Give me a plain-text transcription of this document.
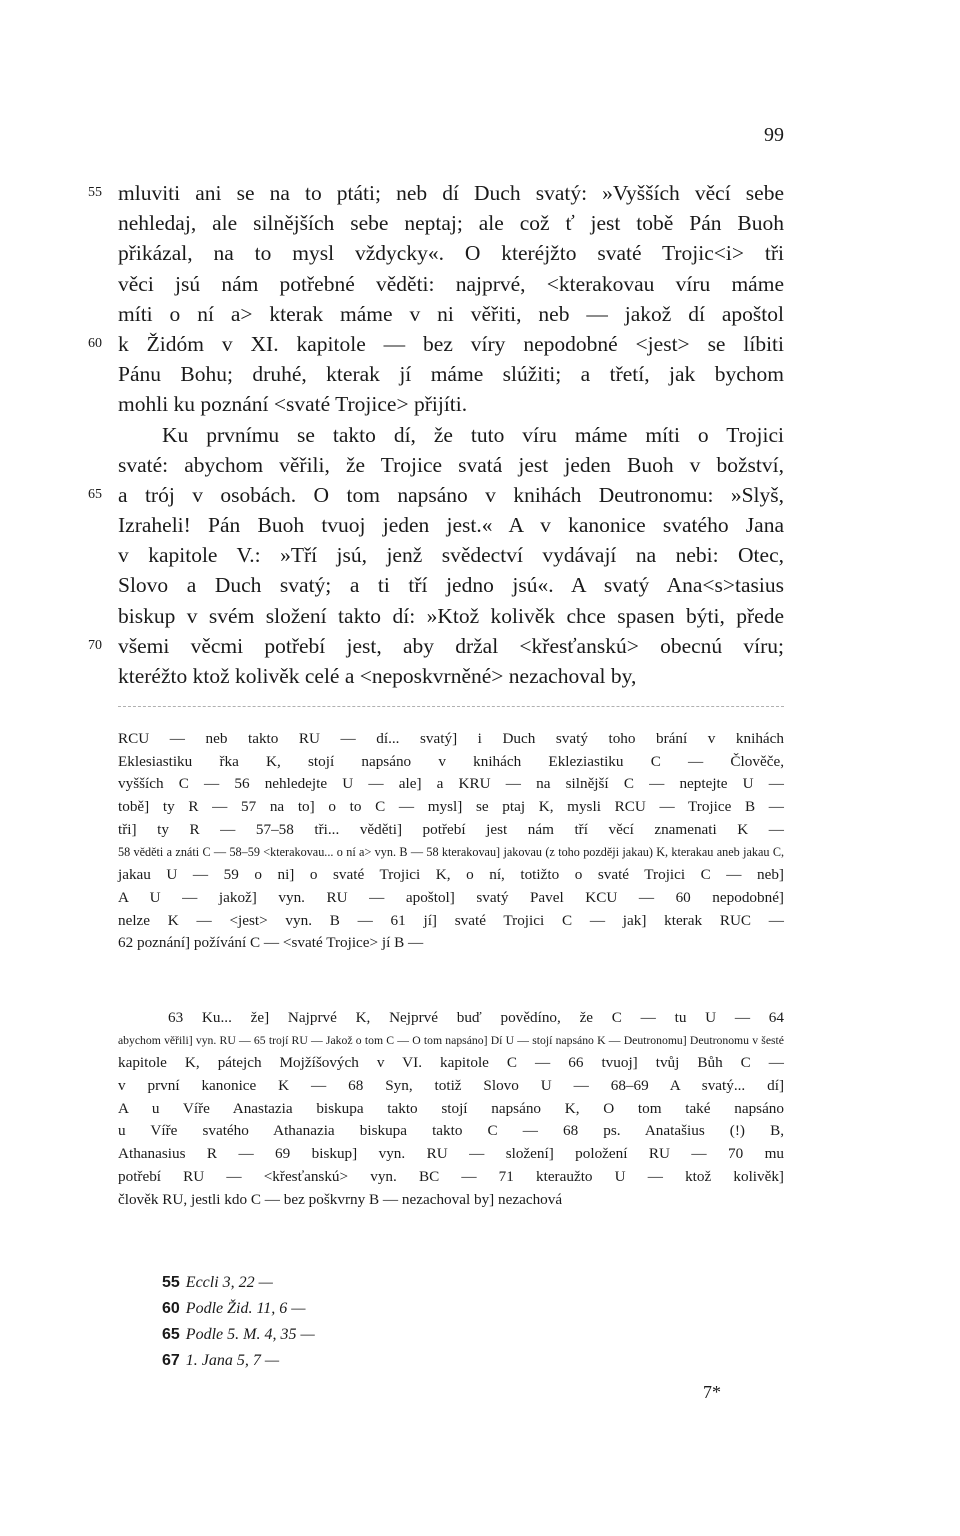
99
55 mluviti ani se na to ptáti; neb dí Duch svatý: »Vyšších věcí sebe
nehledaj, ale silnějších sebe neptaj; ale což ť jest tobě Pán Buoh
přikázal, na to mysl vždycky«. O kteréjžto svaté Trojic<i> tři
věci jsú nám potřebné věděti: najprvé, <kterakovau víru máme
míti o ní a> kterak máme v ni věřiti, neb — jakož dí apoštol
60 k Židóm v XI. kapitole — bez víry nepodobné <jest> se líbiti
Pánu Bohu; druhé, kterak jí máme slúžiti; a třetí, jak bychom
mohli ku poznání <svaté Trojice> přijíti.
Ku prvnímu se takto dí, že tuto víru máme míti o Trojici
svaté: abychom věřili, že Trojice svatá jest jeden Buoh v božství,
65 a trój v osobách. O tom napsáno v knihách Deutronomu: »Slyš,
Izraheli! Pán Buoh tvuoj jeden jest.« A v kanonice svatého Jana
v kapitole V.: »Tří jsú, jenž svědectví vydávají na nebi: Otec,
Slovo a Duch svatý; a ti tří jedno jsú«. A svatý Ana<s>tasius
biskup v svém složení takto dí: »Ktož kolivěk chce spasen býti, přede
70 všemi věcmi potřebí jest, aby držal <křesťanskú> obecnú víru;
kteréžto ktož kolivěk celé a <neposkvrněné> nezachoval by,
RCU — neb takto RU — dí... svatý] i Duch svatý toho brání v knihách
Eklesiastiku řka K, stojí napsáno v knihách Ekleziastiku C — Člověče,
vyšších C — 56 nehledejte U — ale] a KRU — na silnější C — neptejte U —
tobě] ty R — 57 na to] o to C — mysl] se ptaj K, mysli RCU — Trojice B —
tři] ty R — 57–58 tři... věděti] potřebí jest nám tří věcí znamenati K —
58 věděti a znáti C — 58–59 <kterakovau... o ní a> vyn. B — 58 kterakovau] jakovau (z toho později jakau) K, kterakau aneb jakau C,
jakau U — 59 o ni] o svaté Trojici K, o ní, totižto o svaté Trojici C — neb]
A U — jakož] vyn. RU — apoštol] svatý Pavel KCU — 60 nepodobné]
nelze K — <jest> vyn. B — 61 jí] svaté Trojici C — jak] kterak RUC —
62 poznání] požívání C — <svaté Trojice> jí B —
63 Ku... že] Najprvé K, Nejprvé buď povědíno, že C — tu U — 64
abychom věřili] vyn. RU — 65 trojí RU — Jakož o tom C — O tom napsáno] Dí U — stojí napsáno K — Deutronomu] Deutronomu v šesté
kapitole K, pátejch Mojžíšových v VI. kapitole C — 66 tvuoj] tvůj Bůh C —
v první kanonice K — 68 Syn, totiž Slovo U — 68–69 A svatý... dí]
A u Víře Anastazia biskupa takto stojí napsáno K, O tom také napsáno
u Víře svatého Athanazia biskupa takto C — 68 ps. Anatašius (!) B,
Athanasius R — 69 biskup] vyn. RU — složení] položení RU — 70 mu
potřebí RU — <křesťanskú> vyn. BC — 71 kteraužto U — ktož kolivěk]
člověk RU, jestli kdo C — bez poškvrny B — nezachoval by] nezachová
55 Eccli 3, 22 —
60 Podle Žid. 11, 6 —
65 Podle 5. M. 4, 35 —
67 1. Jana 5, 7 —
7*
